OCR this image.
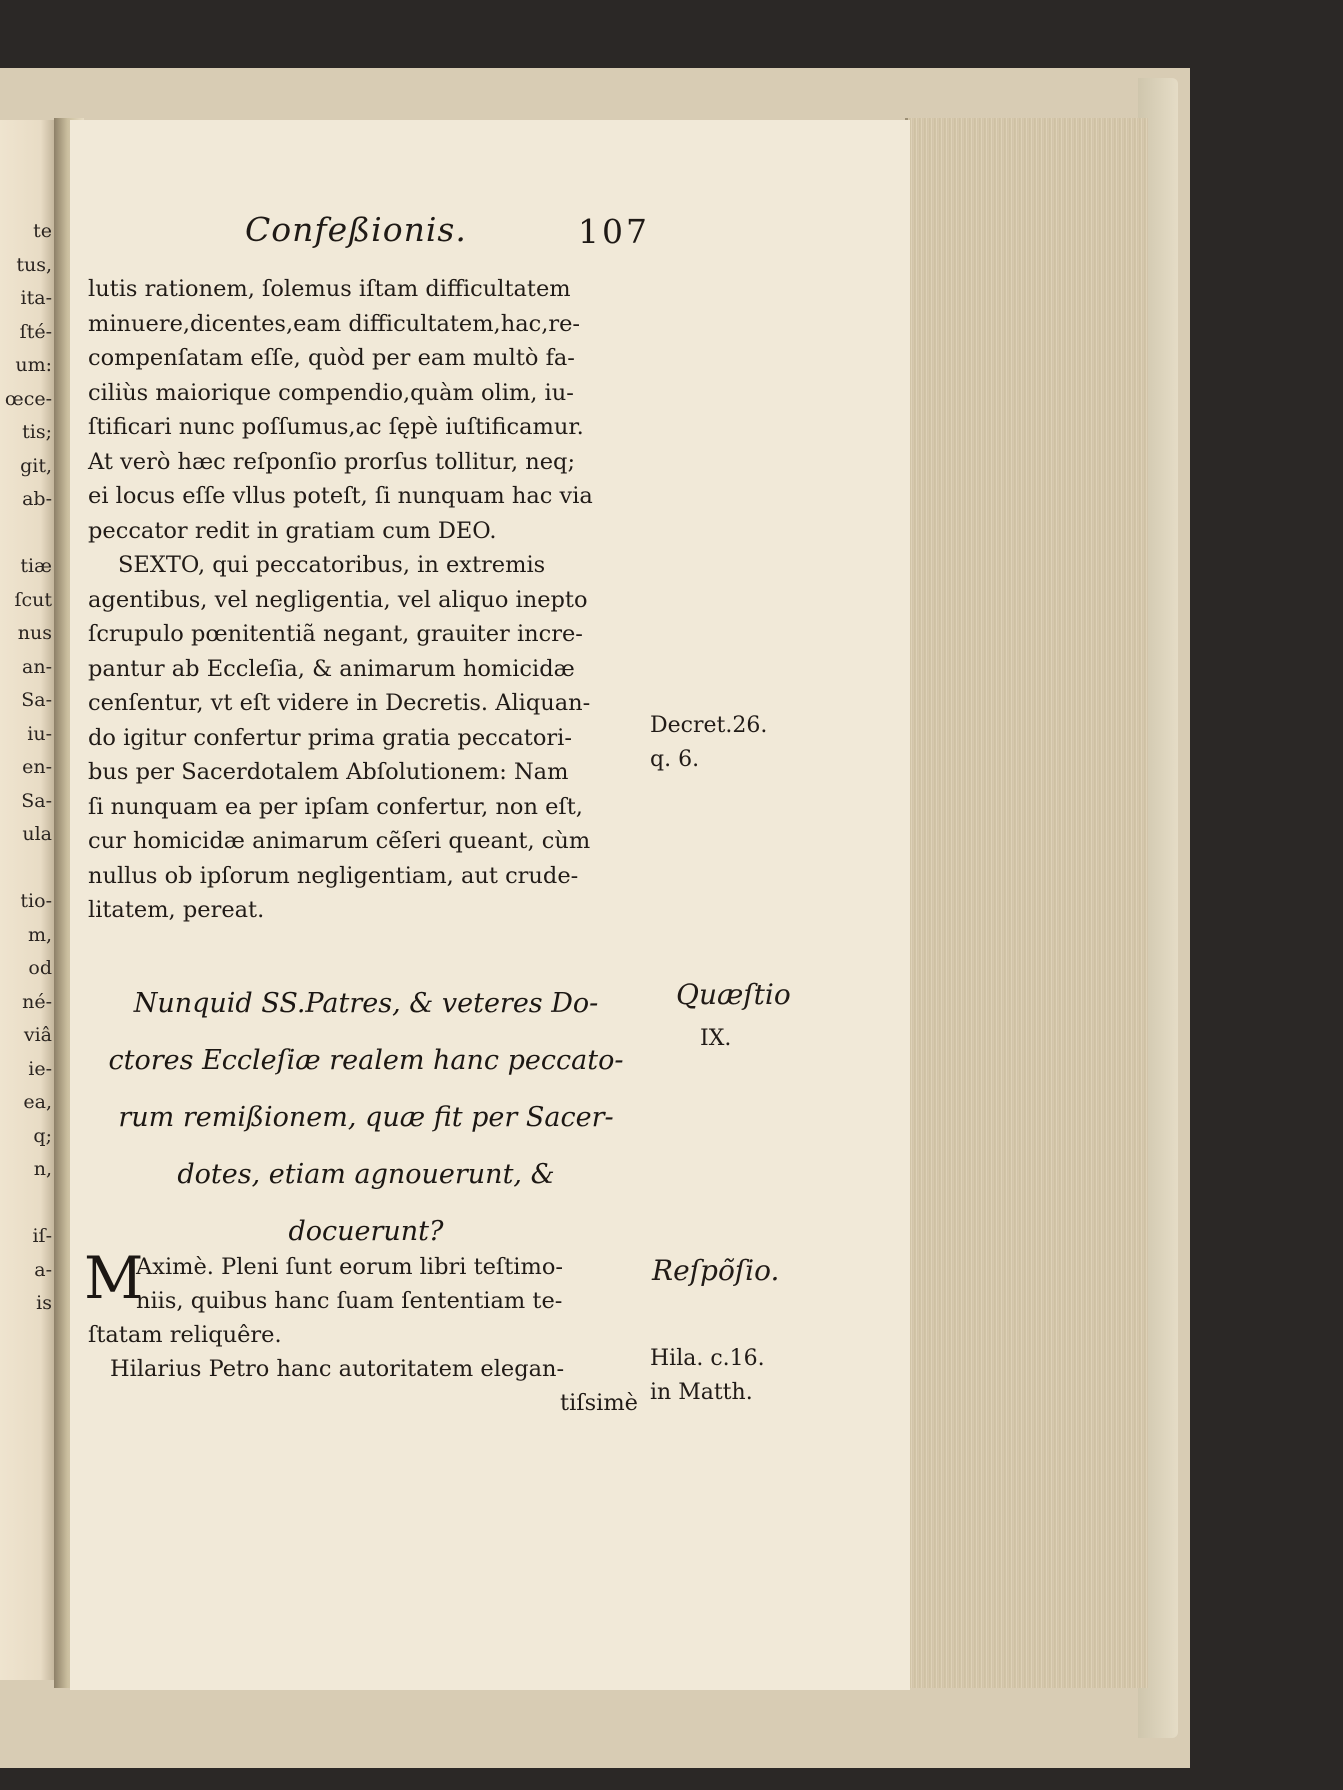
te
tus,
ita-
ſté-
um:
œce-
tis;
git,
ab-

tiæ
ſcut
nus
an-
Sa-
iu-
en-
Sa-
ula

tio-
m,
od
né-
viâ
ie-
ea,
q;
n,

iſ-
a-
is
Confeßionis.	107
lutis rationem, ſolemus iſtam difficultatem
minuere,dicentes,eam difficultatem,hac,re-
compenſatam eſſe, quòd per eam multò fa-
ciliùs maiorique compendio,quàm olim, iu-
ſtificari nunc poſſumus,ac ſępè iuſtificamur.
At verò hæc reſponſio prorſus tollitur, neq;
ei locus eſſe vllus poteſt, ſi nunquam hac via
peccator redit in gratiam cum DEO.
SEXTO, qui peccatoribus, in extremis
agentibus, vel negligentia, vel aliquo inepto
ſcrupulo pœnitentiã negant, grauiter incre-
pantur ab Eccleſia, & animarum homicidæ
cenſentur, vt eſt videre in Decretis. Aliquan-
do igitur confertur prima gratia peccatori-
bus per Sacerdotalem Abſolutionem: Nam
ſi nunquam ea per ipſam confertur, non eſt,
cur homicidæ animarum cẽſeri queant, cùm
nullus ob ipſorum negligentiam, aut crude-
litatem, pereat.
Decret.26.
q. 6.
Nunquid SS.Patres, & veteres Do-
ctores Eccleſiæ realem hanc peccato-
rum remißionem, quæ fit per Sacer-
dotes, etiam agnouerunt, &
docuerunt?
Quæſtio
IX.
M
Aximè. Pleni ſunt eorum libri teſtimo-
niis, quibus hanc ſuam ſententiam te-
ſtatam reliquêre.
Hilarius Petro hanc autoritatem elegan-
tiſsimè
Reſpõſio.
Hila. c.16.
in Matth.
